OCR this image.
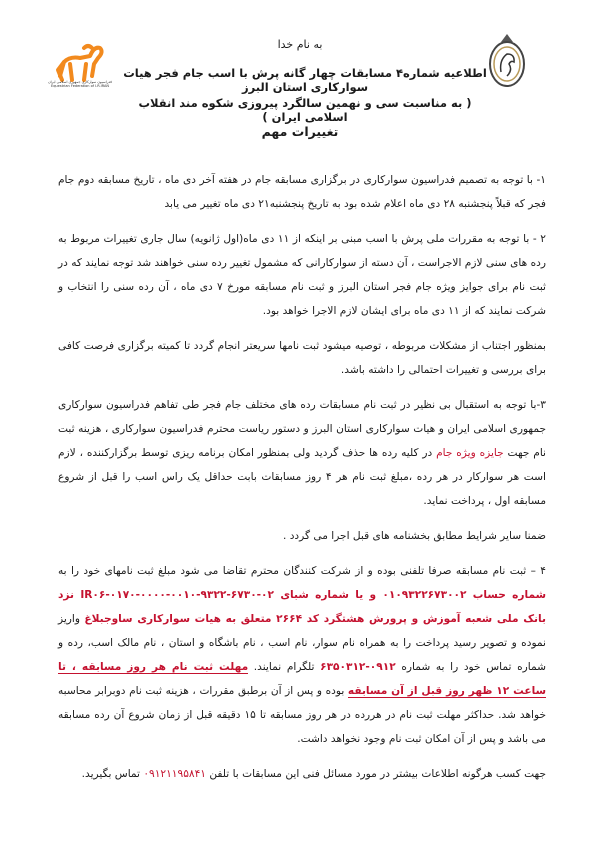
فدراسیون سوارکاری جمهوری اسلامی ایران
Equestrian Federation of I.R.IRAN
به نام خدا
اطلاعیه شماره۴ مسابقات چهار گانه پرش با اسب جام فجر هیات سوارکاری استان البرز
( به مناسبت سی و نهمین سالگرد پیروزی شکوه مند انقلاب اسلامی ایران )
تغییرات مهم

۱- با توجه به تصمیم فدراسیون سوارکاری در برگزاری مسابقه جام در هفته آخر دی ماه ، تاریخ مسابقه دوم جام فجر که قبلاً پنجشنبه ۲۸ دی ماه اعلام شده بود به تاریخ پنجشنبه۲۱ دی ماه تغییر می یابد

۲ - با توجه به مقررات ملی پرش با اسب مبنی بر اینکه از ۱۱ دی ماه(اول ژانویه) سال جاری تغییرات مربوط به رده های سنی لازم الاجراست ، آن دسته از سوارکارانی که مشمول تغییر رده سنی خواهند شد توجه نمایند که در ثبت نام برای جوایز ویژه جام فجر استان البرز و ثبت نام مسابقه مورخ ۷ دی ماه ، آن رده سنی را انتخاب و شرکت نمایند که از ۱۱ دی ماه برای ایشان لازم الاجرا خواهد بود.

بمنظور اجتناب از مشکلات مربوطه ، توصیه میشود ثبت نامها سریعتر انجام گردد تا کمیته برگزاری فرصت کافی برای بررسی و تغییرات احتمالی را داشته باشد.

۳-با توجه به استقبال بی نظیر در ثبت نام مسابقات رده های مختلف جام فجر طی تفاهم فدراسیون سوارکاری جمهوری اسلامی ایران و هیات سوارکاری استان البرز و دستور ریاست محترم فدراسیون سوارکاری ، هزینه ثبت نام جهت جایزه ویژه جام در کلیه رده ها حذف گردید ولی بمنظور امکان برنامه ریزی توسط برگزارکننده ، لازم است هر سوارکار در هر رده ،مبلغ ثبت نام هر ۴ روز مسابقات بابت حداقل یک راس اسب را قبل از شروع مسابقه اول ، پرداخت نماید.

ضمنا سایر شرایط مطابق بخشنامه های قبل اجرا می گردد .

۴ – ثبت نام مسابقه صرفا تلفنی بوده و از شرکت کنندگان محترم تقاضا می شود مبلغ ثبت نامهای خود را به شماره حساب ۰۱۰۹۳۲۲۶۷۳۰۰۲ و یا شماره شبای IR۰۶-۰۱۷۰-۰۰۰۰-۰۰۱۰-۹۳۲۲-۶۷۳۰-۰۲ نزد بانک ملی شعبه آموزش و پرورش هشتگرد کد ۲۶۶۴ متعلق به هیات سوارکاری ساوجبلاغ واریز نموده و تصویر رسید پرداخت را به همراه نام سوار، نام اسب ، نام باشگاه و استان ، نام مالک اسب، رده و شماره تماس خود را به شماره ۰۹۱۲-۶۳۵۰۳۱۲ تلگرام نمایند. مهلت ثبت نام هر روز مسابقه ، تا ساعت ۱۲ ظهر روز قبل از آن مسابقه بوده و پس از آن برطبق مقررات ، هزینه ثبت نام دوبرابر محاسبه خواهد شد. حداکثر مهلت ثبت نام در هررده در هر روز مسابقه تا ۱۵ دقیقه قبل از زمان شروع آن رده مسابقه می باشد و پس از آن امکان ثبت نام وجود نخواهد داشت.

جهت کسب هرگونه اطلاعات بیشتر در مورد مسائل فنی این مسابقات با تلفن ۰۹۱۲۱۱۹۵۸۴۱ تماس بگیرید.
